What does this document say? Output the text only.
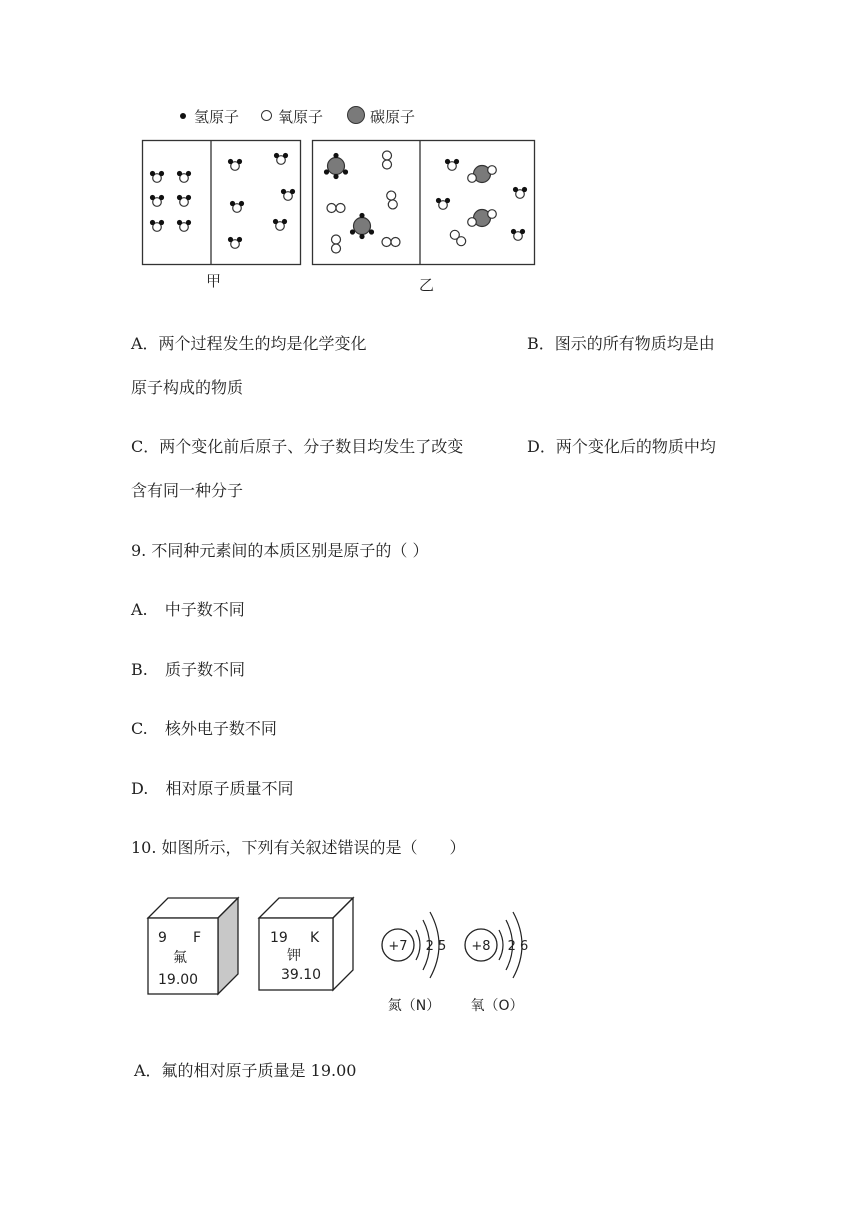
氢原子	氧原子	碳原子
甲	乙
A．两个过程发生的均是化学变化	B．图示的所有物质均是由
原子构成的物质
C．两个变化前后原子、分子数目均发生了改变	D．两个变化后的物质中均
含有同一种分子
9. 不同种元素间的本质区别是原子的（ ）
A. 中子数不同
B. 质子数不同
C. 核外电子数不同
D. 相对原子质量不同
10. 如图所示，下列有关叙述错误的是（　　）
9 F
氟
19.00
19 K
钾
39.10
+7 2 5 +8 2 6
氮（N） 氧（O）
A．氟的相对原子质量是 19.00
